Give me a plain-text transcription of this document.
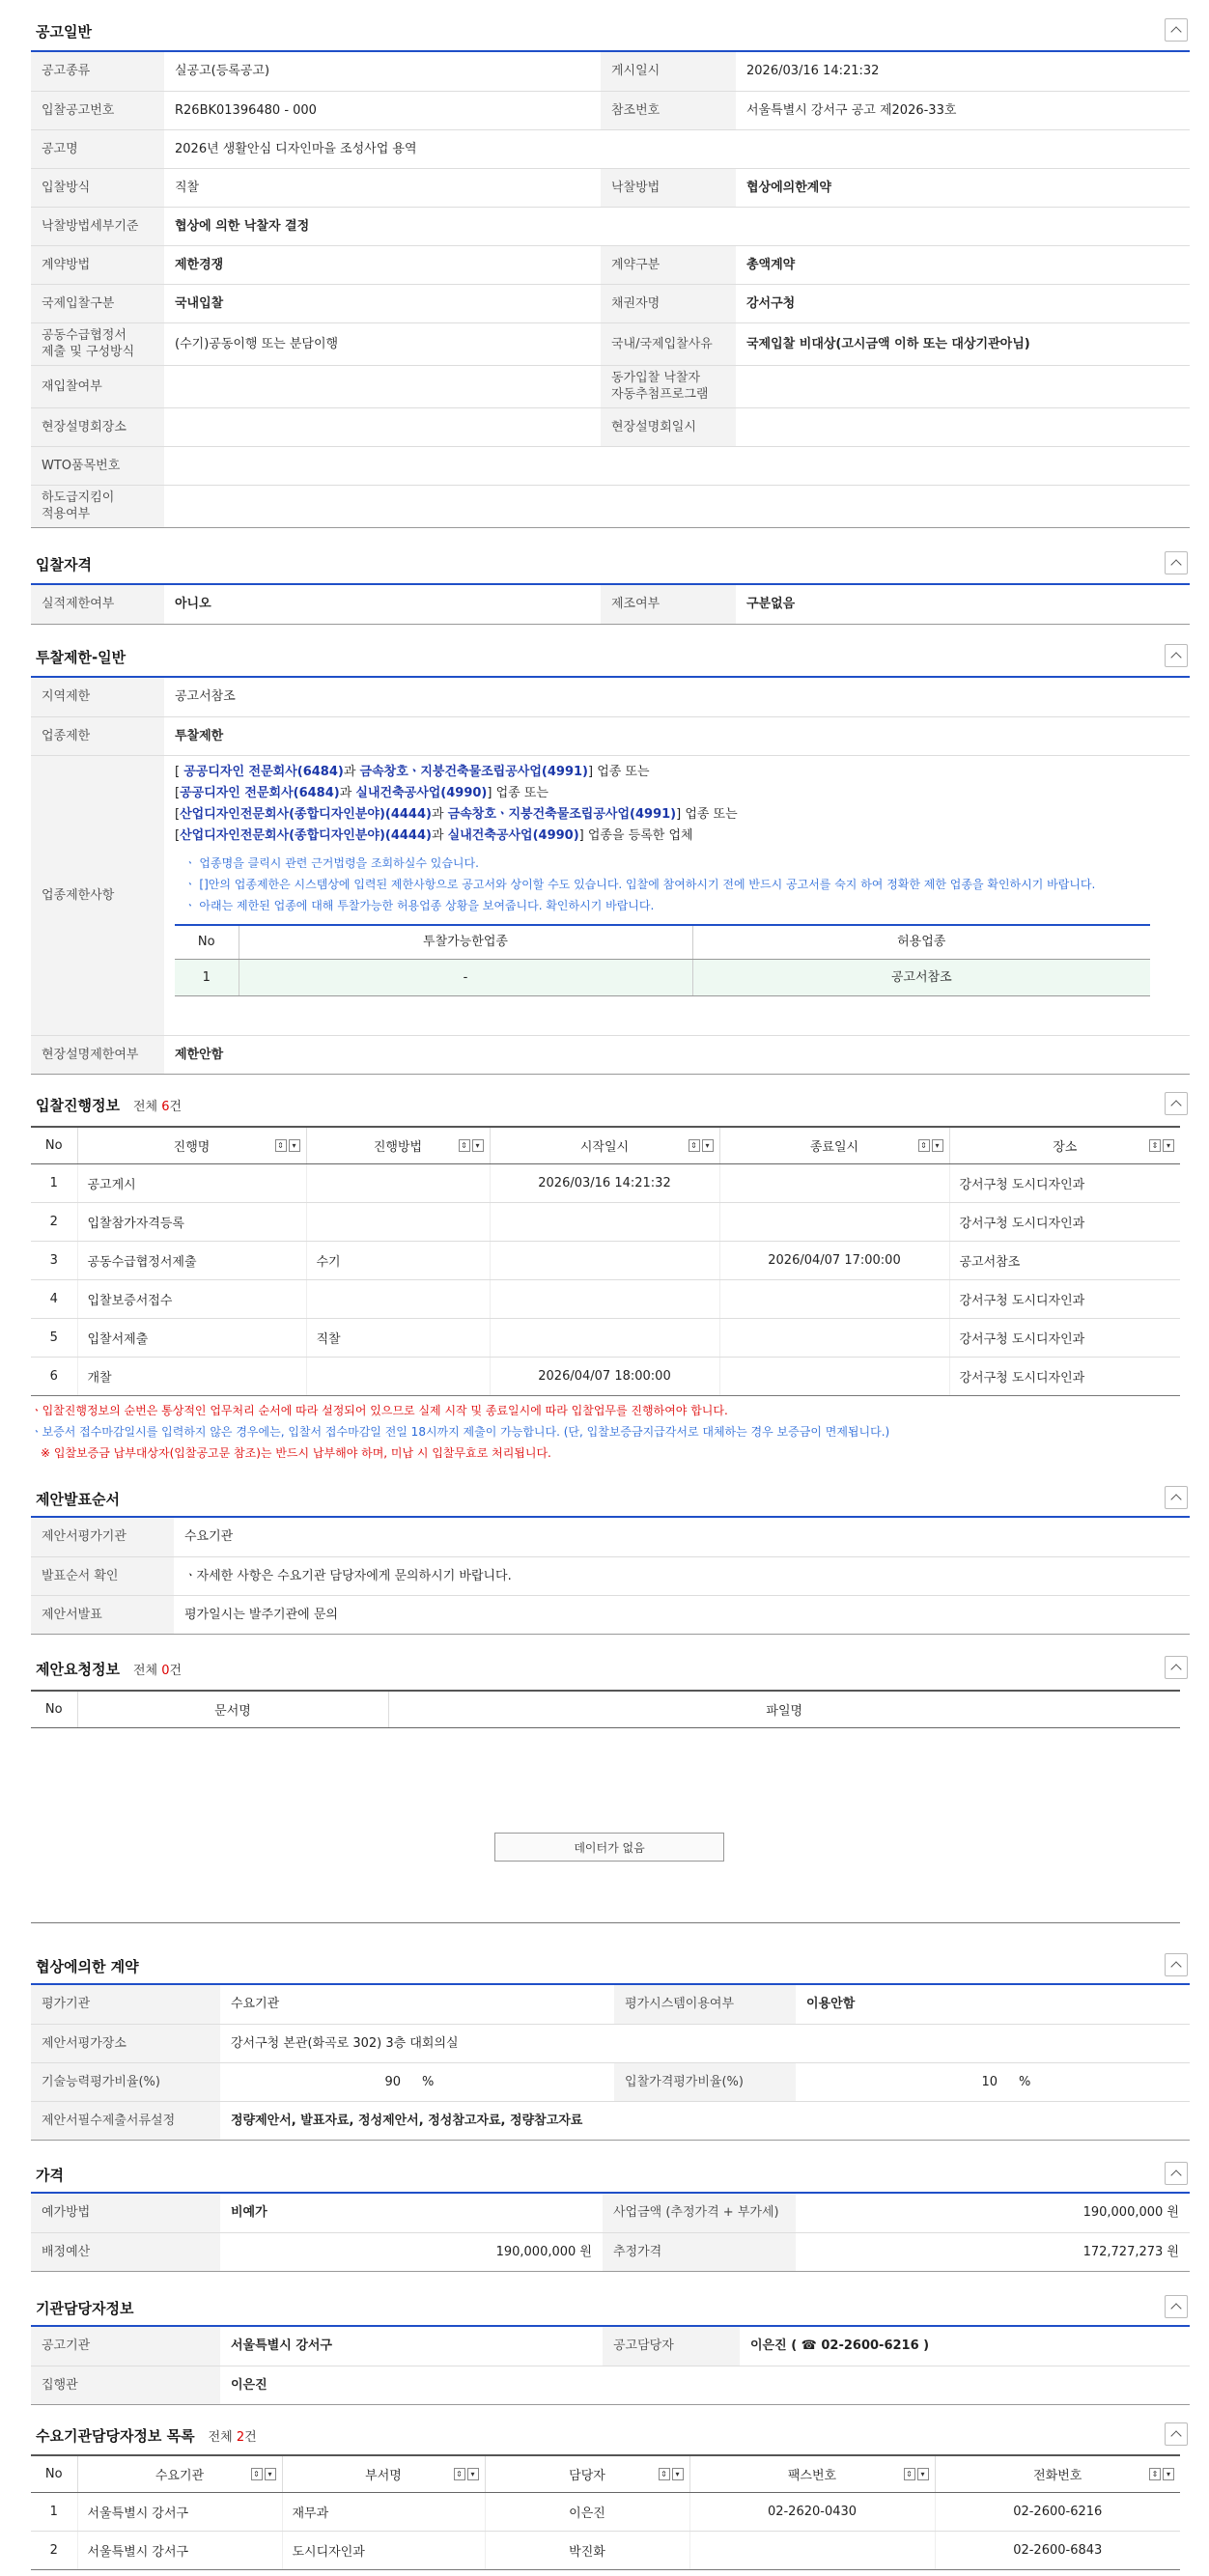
공고일반
공고종류	실공고(등록공고)	게시일시	2026/03/16 14:21:32
입찰공고번호	R26BK01396480 - 000	참조번호	서울특별시 강서구 공고 제2026-33호
공고명	2026년 생활안심 디자인마을 조성사업 용역		
입찰방식	직찰	낙찰방법	협상에의한계약
낙찰방법세부기준	협상에 의한 낙찰자 결정		
계약방법	제한경쟁	계약구분	총액계약
국제입찰구분	국내입찰	채권자명	강서구청
공동수급협정서
제출 및 구성방식	(수기)공동이행 또는 분담이행	국내/국제입찰사유	국제입찰 비대상(고시금액 이하 또는 대상기관아님)
재입찰여부		동가입찰 낙찰자
자동추첨프로그램	
현장설명회장소		현장설명회일시	
WTO품목번호			
하도급지킴이
적용여부			
입찰자격
실적제한여부	아니오	제조여부	구분없음
투찰제한-일반
지역제한	공고서참조
업종제한	투찰제한
업종제한사항	
[ 공공디자인 전문회사(6484)과 금속창호ㆍ지붕건축물조립공사업(4991)] 업종 또는
[공공디자인 전문회사(6484)과 실내건축공사업(4990)] 업종 또는
[산업디자인전문회사(종합디자인분야)(4444)과 금속창호ㆍ지붕건축물조립공사업(4991)] 업종 또는
[산업디자인전문회사(종합디자인분야)(4444)과 실내건축공사업(4990)] 업종을 등록한 업체
ㆍ 업종명을 클릭시 관련 근거법령을 조회하실수 있습니다.
ㆍ []안의 업종제한은 시스템상에 입력된 제한사항으로 공고서와 상이할 수도 있습니다. 입찰에 참여하시기 전에 반드시 공고서를 숙지 하여 정확한 제한 업종을 확인하시기 바랍니다.
ㆍ 아래는 제한된 업종에 대해 투찰가능한 허용업종 상황을 보여줍니다. 확인하시기 바랍니다.
No	투찰가능한업종	허용업종
1	-	공고서참조

현장설명제한여부	제한안함
입찰진행정보 전체 6건
No	진행명 ⇕ ▾	진행방법 ⇕ ▾	시작일시 ⇕ ▾	종료일시 ⇕ ▾	장소 ⇕ ▾

1	공고게시		2026/03/16 14:21:32		강서구청 도시디자인과
2	입찰참가자격등록				강서구청 도시디자인과
3	공동수급협정서제출	수기		2026/04/07 17:00:00	공고서참조
4	입찰보증서접수				강서구청 도시디자인과
5	입찰서제출	직찰			강서구청 도시디자인과
6	개찰		2026/04/07 18:00:00		강서구청 도시디자인과
ㆍ입찰진행정보의 순번은 통상적인 업무처리 순서에 따라 설정되어 있으므로 실제 시작 및 종료일시에 따라 입찰업무를 진행하여야 합니다.
ㆍ보증서 접수마감일시를 입력하지 않은 경우에는, 입찰서 접수마감일 전일 18시까지 제출이 가능합니다. (단, 입찰보증금지급각서로 대체하는 경우 보증금이 면제됩니다.)
※ 입찰보증금 납부대상자(입찰공고문 참조)는 반드시 납부해야 하며, 미납 시 입찰무효로 처리됩니다.
제안발표순서
제안서평가기관	수요기관
발표순서 확인	ㆍ자세한 사항은 수요기관 담당자에게 문의하시기 바랍니다.
제안서발표	평가일시는 발주기관에 문의
제안요청정보 전체 0건
No	문서명	파일명
데이터가 없음
협상에의한 계약
평가기관	수요기관		평가시스템이용여부	이용안함	
제안서평가장소	강서구청 본관(화곡로 302) 3층 대회의실				
기술능력평가비율(%)	90	%	입찰가격평가비율(%)	10	%
제안서필수제출서류설정	정량제안서, 발표자료, 정성제안서, 정성참고자료, 정량참고자료				
가격
예가방법	비예가	사업금액 (추정가격 + 부가세)	190,000,000 원
배정예산	190,000,000 원	추정가격	172,727,273 원
기관담당자정보
공고기관	서울특별시 강서구	공고담당자	이은진 ( ☎ 02-2600-6216 )
집행관	이은진		
수요기관담당자정보 목록 전체 2건
No	수요기관 ⇕ ▾	부서명 ⇕ ▾	담당자 ⇕ ▾	팩스번호 ⇕ ▾	전화번호 ⇕ ▾

1	서울특별시 강서구	재무과	이은진	02-2620-0430	02-2600-6216
2	서울특별시 강서구	도시디자인과	박진화		02-2600-6843
